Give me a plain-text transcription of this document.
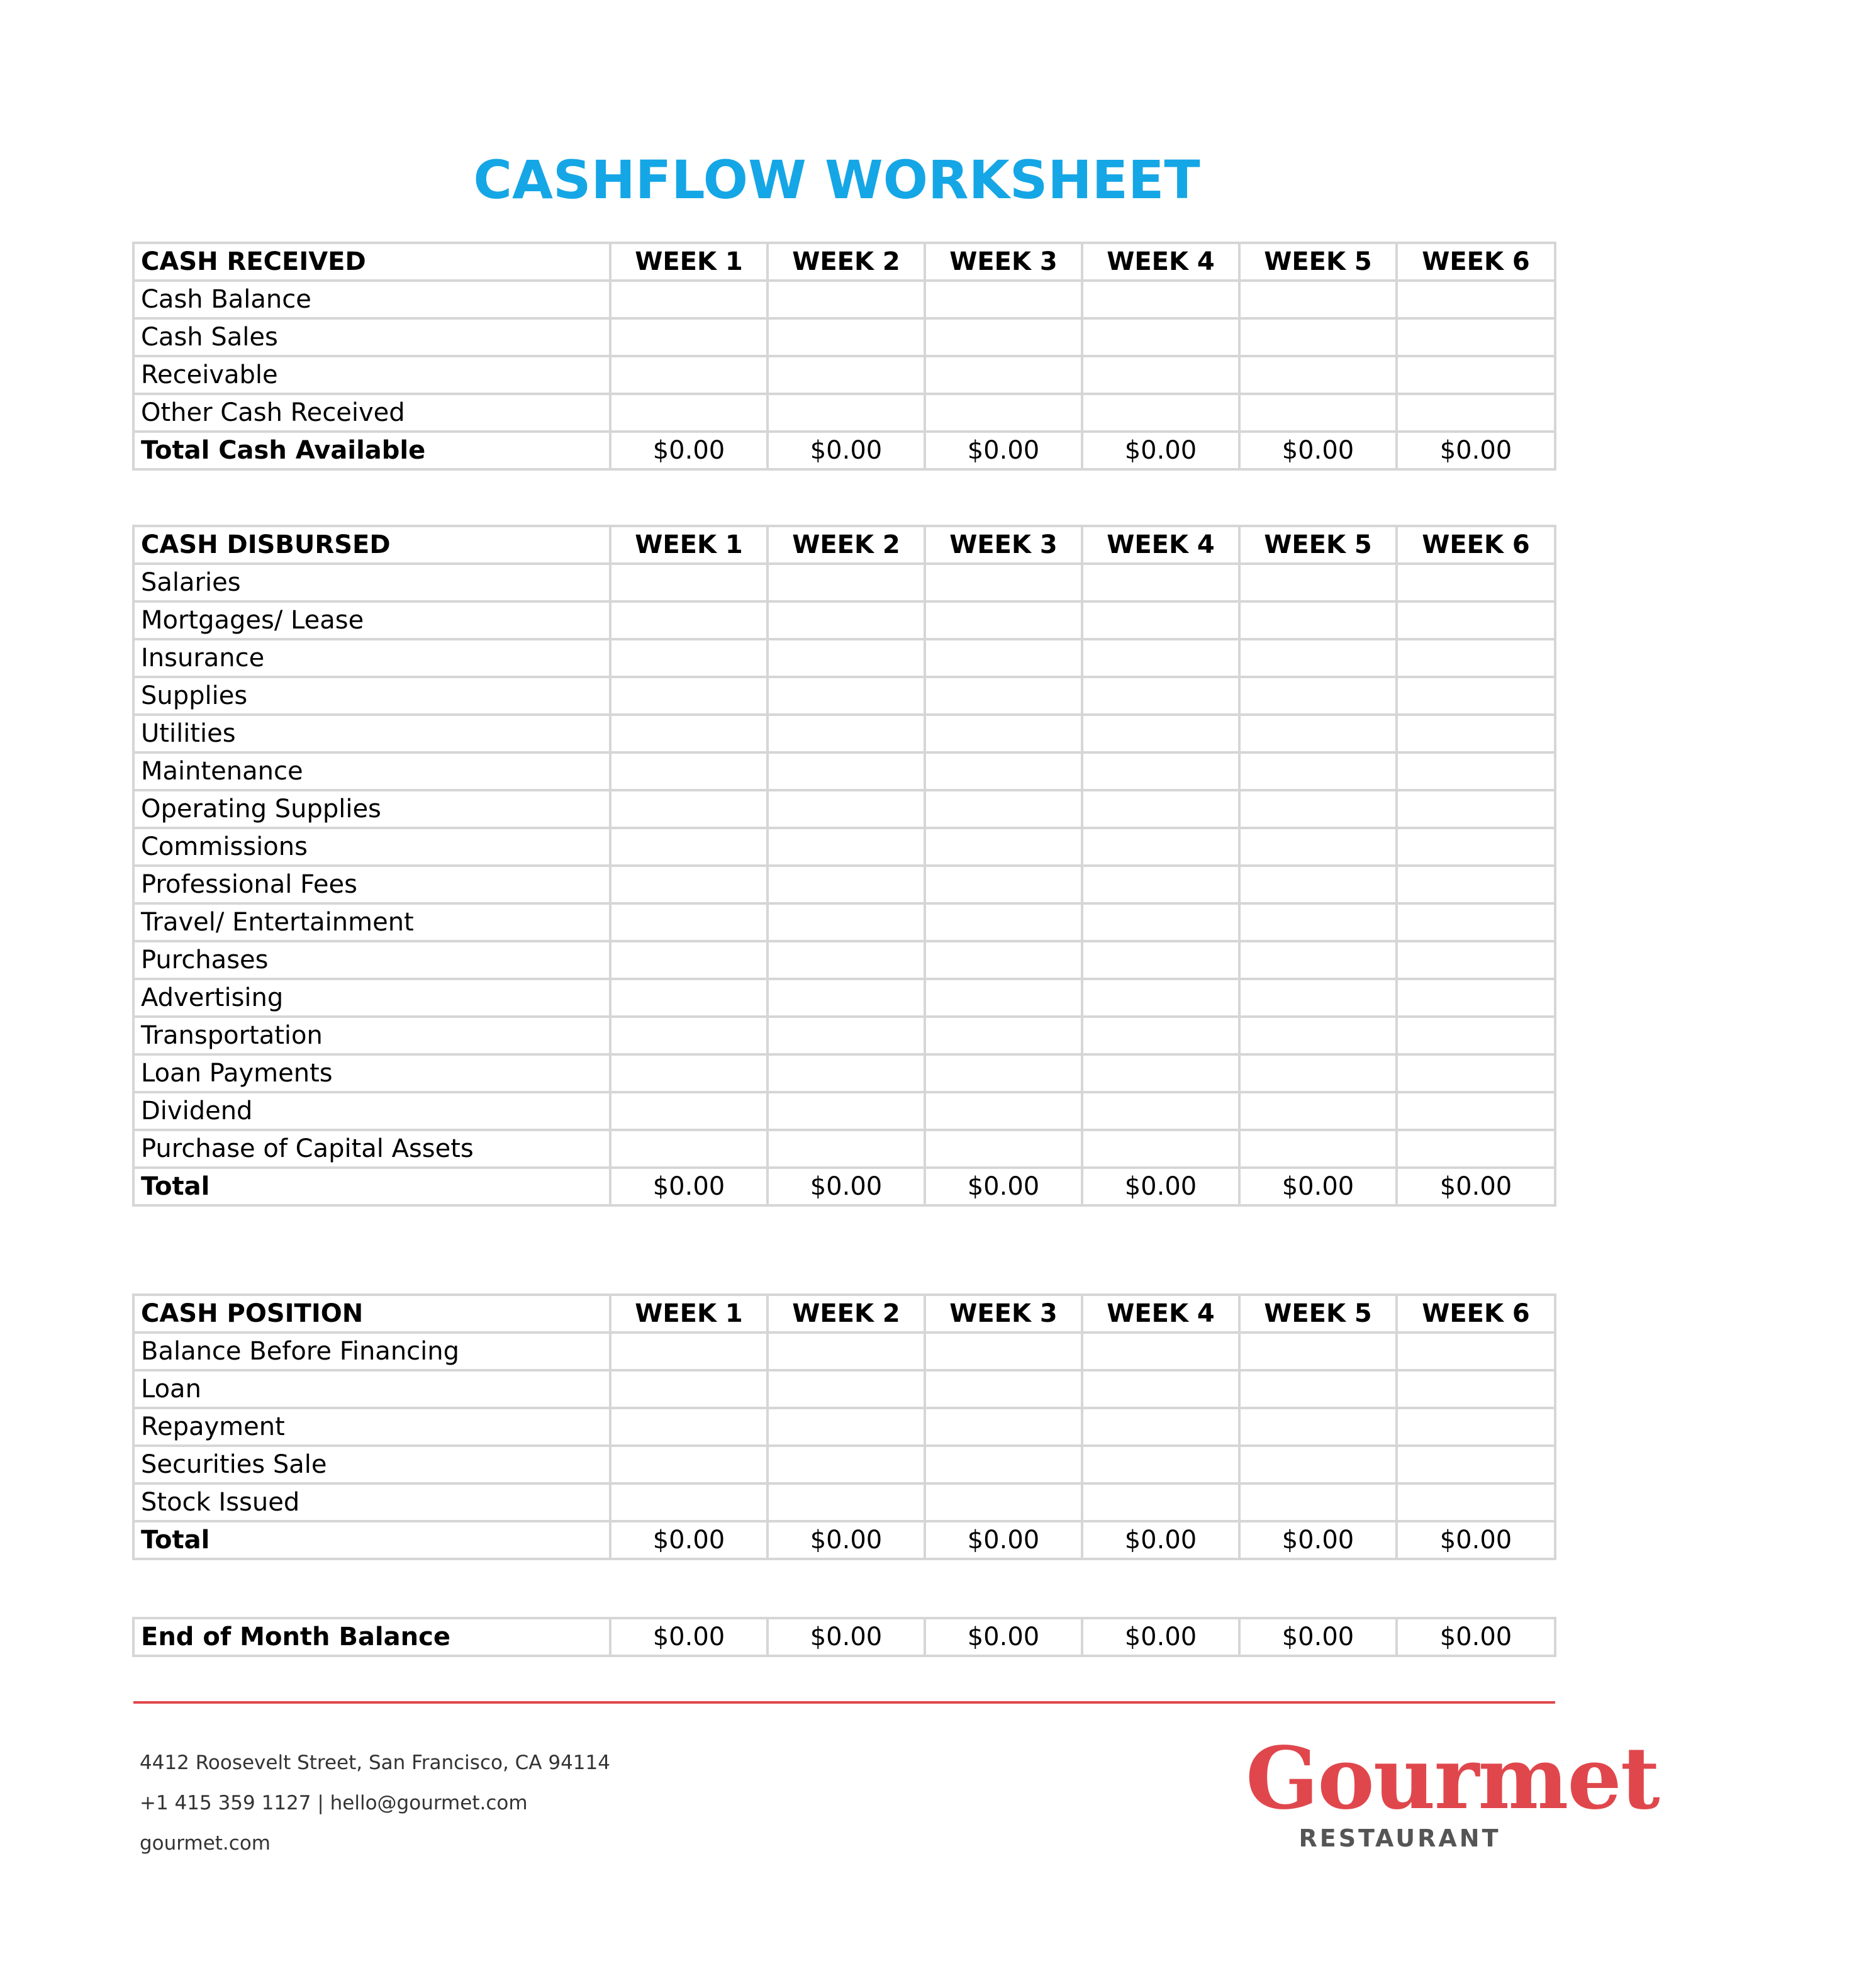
CASHFLOW WORKSHEET
CASH RECEIVED	WEEK 1	WEEK 2	WEEK 3	WEEK 4	WEEK 5	WEEK 6
Cash Balance						
Cash Sales						
Receivable						
Other Cash Received						
Total Cash Available	$0.00	$0.00	$0.00	$0.00	$0.00	$0.00
CASH DISBURSED	WEEK 1	WEEK 2	WEEK 3	WEEK 4	WEEK 5	WEEK 6
Salaries						
Mortgages/ Lease						
Insurance						
Supplies						
Utilities						
Maintenance						
Operating Supplies						
Commissions						
Professional Fees						
Travel/ Entertainment						
Purchases						
Advertising						
Transportation						
Loan Payments						
Dividend						
Purchase of Capital Assets						
Total	$0.00	$0.00	$0.00	$0.00	$0.00	$0.00
CASH POSITION	WEEK 1	WEEK 2	WEEK 3	WEEK 4	WEEK 5	WEEK 6
Balance Before Financing						
Loan						
Repayment						
Securities Sale						
Stock Issued						
Total	$0.00	$0.00	$0.00	$0.00	$0.00	$0.00
End of Month Balance	$0.00	$0.00	$0.00	$0.00	$0.00	$0.00
4412 Roosevelt Street, San Francisco, CA 94114
+1 415 359 1127 | hello@gourmet.com
gourmet.com
Gourmet
RESTAURANT
